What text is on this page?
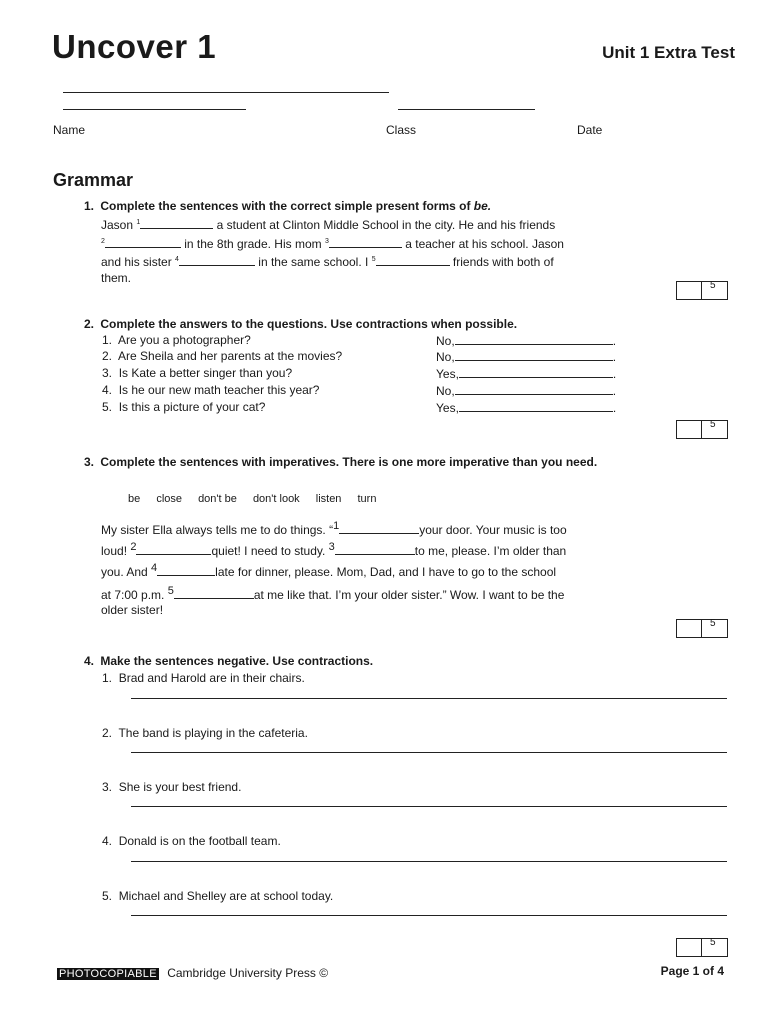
Uncover 1	Unit 1 Extra Test
Name	Class	Date
Grammar
1. Complete the sentences with the correct simple present forms of be.
Jason $^1$	a student at Clinton Middle School in the city. He and his friends
$^2$	in the 8th grade. His mom $^3$	a teacher at his school. Jason
and his sister $^4$	in the same school. I $^5$	friends with both of
them.
5
2. Complete the answers to the questions. Use contractions when possible.
1. Are you a photographer?	No,	.
2. Are Sheila and her parents at the movies?	No,	.
3. Is Kate a better singer than you?	Yes,	.
4. Is he our new math teacher this year?	No,	.
5. Is this a picture of your cat?	Yes,	.
5
3. Complete the sentences with imperatives. There is one more imperative than you need.
be close don't be don't look listen turn
My sister Ella always tells me to do things. “1	your door. Your music is too
loud! 2	quiet! I need to study. 3	to me, please. I’m older than
you. And 4	late for dinner, please. Mom, Dad, and I have to go to the school
at 7:00 p.m. 5	at me like that. I’m your older sister.” Wow. I want to be the
older sister!
5
4. Make the sentences negative. Use contractions.
1. Brad and Harold are in their chairs.
2. The band is playing in the cafeteria.
3. She is your best friend.
4. Donald is on the football team.
5. Michael and Shelley are at school today.
5
PHOTOCOPIABLE Cambridge University Press ©	Page 1 of 4
